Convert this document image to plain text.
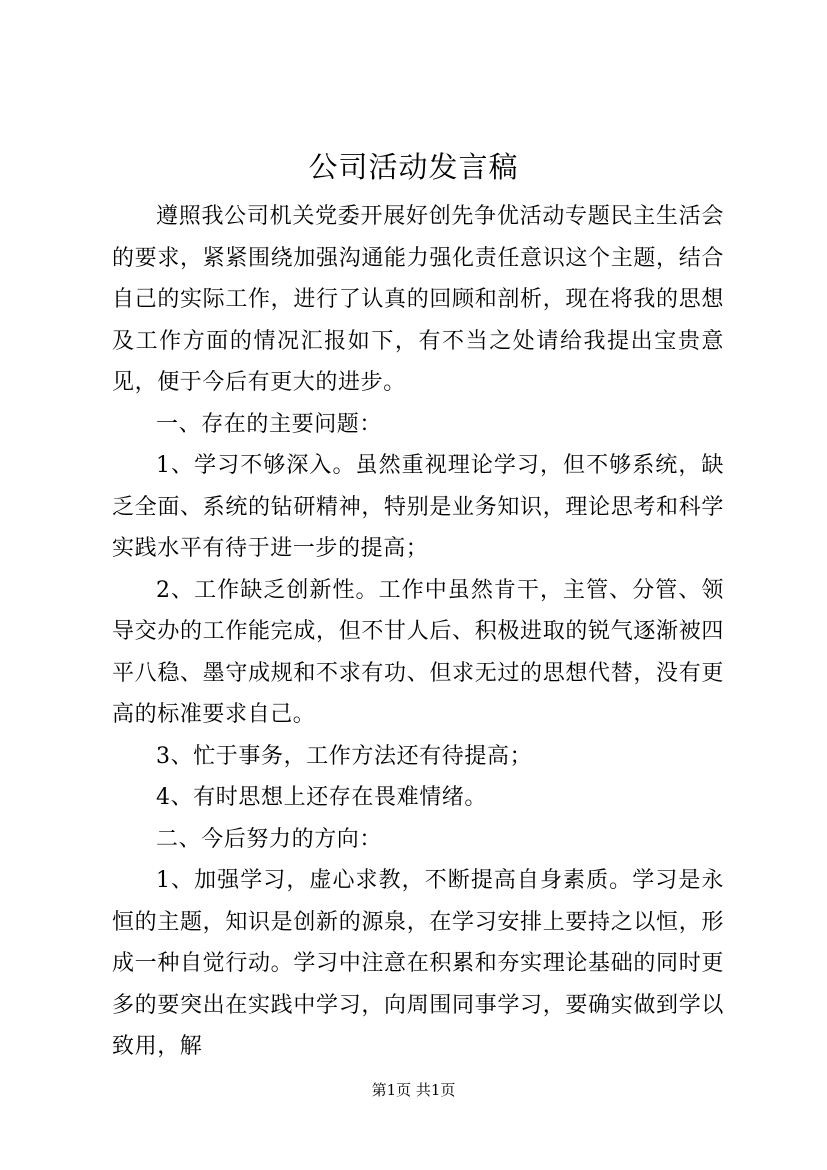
公司活动发言稿

遵照我公司机关党委开展好创先争优活动专题民主生活会的要求，紧紧围绕加强沟通能力强化责任意识这个主题，结合自己的实际工作，进行了认真的回顾和剖析，现在将我的思想及工作方面的情况汇报如下，有不当之处请给我提出宝贵意见，便于今后有更大的进步。

一、存在的主要问题：

1、学习不够深入。虽然重视理论学习，但不够系统，缺乏全面、系统的钻研精神，特别是业务知识，理论思考和科学实践水平有待于进一步的提高；

2、工作缺乏创新性。工作中虽然肯干，主管、分管、领导交办的工作能完成，但不甘人后、积极进取的锐气逐渐被四平八稳、墨守成规和不求有功、但求无过的思想代替，没有更高的标准要求自己。

3、忙于事务，工作方法还有待提高；

4、有时思想上还存在畏难情绪。

二、今后努力的方向：

1、加强学习，虚心求教，不断提高自身素质。学习是永恒的主题，知识是创新的源泉，在学习安排上要持之以恒，形成一种自觉行动。学习中注意在积累和夯实理论基础的同时更多的要突出在实践中学习，向周围同事学习，要确实做到学以致用，解

第1页 共1页
